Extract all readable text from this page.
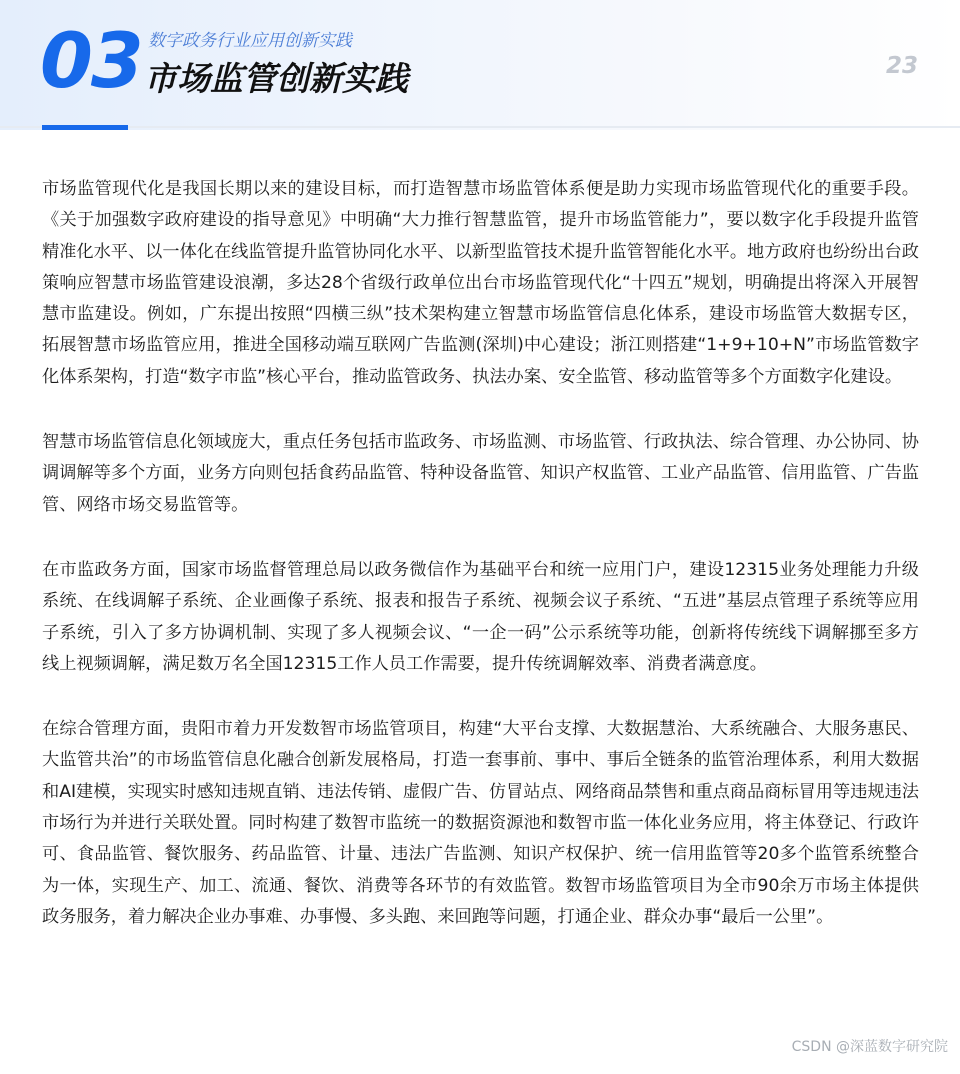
03 数字政务行业应用创新实践
市场监管创新实践	23

市场监管现代化是我国长期以来的建设目标，而打造智慧市场监管体系便是助力实现市场监管现代化的重要手段。《关于加强数字政府建设的指导意见》中明确“大力推行智慧监管，提升市场监管能力”，要以数字化手段提升监管精准化水平、以一体化在线监管提升监管协同化水平、以新型监管技术提升监管智能化水平。地方政府也纷纷出台政策响应智慧市场监管建设浪潮，多达28个省级行政单位出台市场监管现代化“十四五”规划，明确提出将深入开展智慧市监建设。例如，广东提出按照“四横三纵”技术架构建立智慧市场监管信息化体系，建设市场监管大数据专区，拓展智慧市场监管应用，推进全国移动端互联网广告监测(深圳)中心建设；浙江则搭建“1+9+10+N”市场监管数字化体系架构，打造“数字市监”核心平台，推动监管政务、执法办案、安全监管、移动监管等多个方面数字化建设。

智慧市场监管信息化领域庞大，重点任务包括市监政务、市场监测、市场监管、行政执法、综合管理、办公协同、协调调解等多个方面，业务方向则包括食药品监管、特种设备监管、知识产权监管、工业产品监管、信用监管、广告监管、网络市场交易监管等。

在市监政务方面，国家市场监督管理总局以政务微信作为基础平台和统一应用门户，建设12315业务处理能力升级系统、在线调解子系统、企业画像子系统、报表和报告子系统、视频会议子系统、“五进”基层点管理子系统等应用子系统，引入了多方协调机制、实现了多人视频会议、“一企一码”公示系统等功能，创新将传统线下调解挪至多方线上视频调解，满足数万名全国12315工作人员工作需要，提升传统调解效率、消费者满意度。

在综合管理方面，贵阳市着力开发数智市场监管项目，构建“大平台支撑、大数据慧治、大系统融合、大服务惠民、大监管共治”的市场监管信息化融合创新发展格局，打造一套事前、事中、事后全链条的监管治理体系，利用大数据和AI建模，实现实时感知违规直销、违法传销、虚假广告、仿冒站点、网络商品禁售和重点商品商标冒用等违规违法市场行为并进行关联处置。同时构建了数智市监统一的数据资源池和数智市监一体化业务应用，将主体登记、行政许可、食品监管、餐饮服务、药品监管、计量、违法广告监测、知识产权保护、统一信用监管等20多个监管系统整合为一体，实现生产、加工、流通、餐饮、消费等各环节的有效监管。数智市场监管项目为全市90余万市场主体提供政务服务，着力解决企业办事难、办事慢、多头跑、来回跑等问题，打通企业、群众办事“最后一公里”。

CSDN @深蓝数字研究院
